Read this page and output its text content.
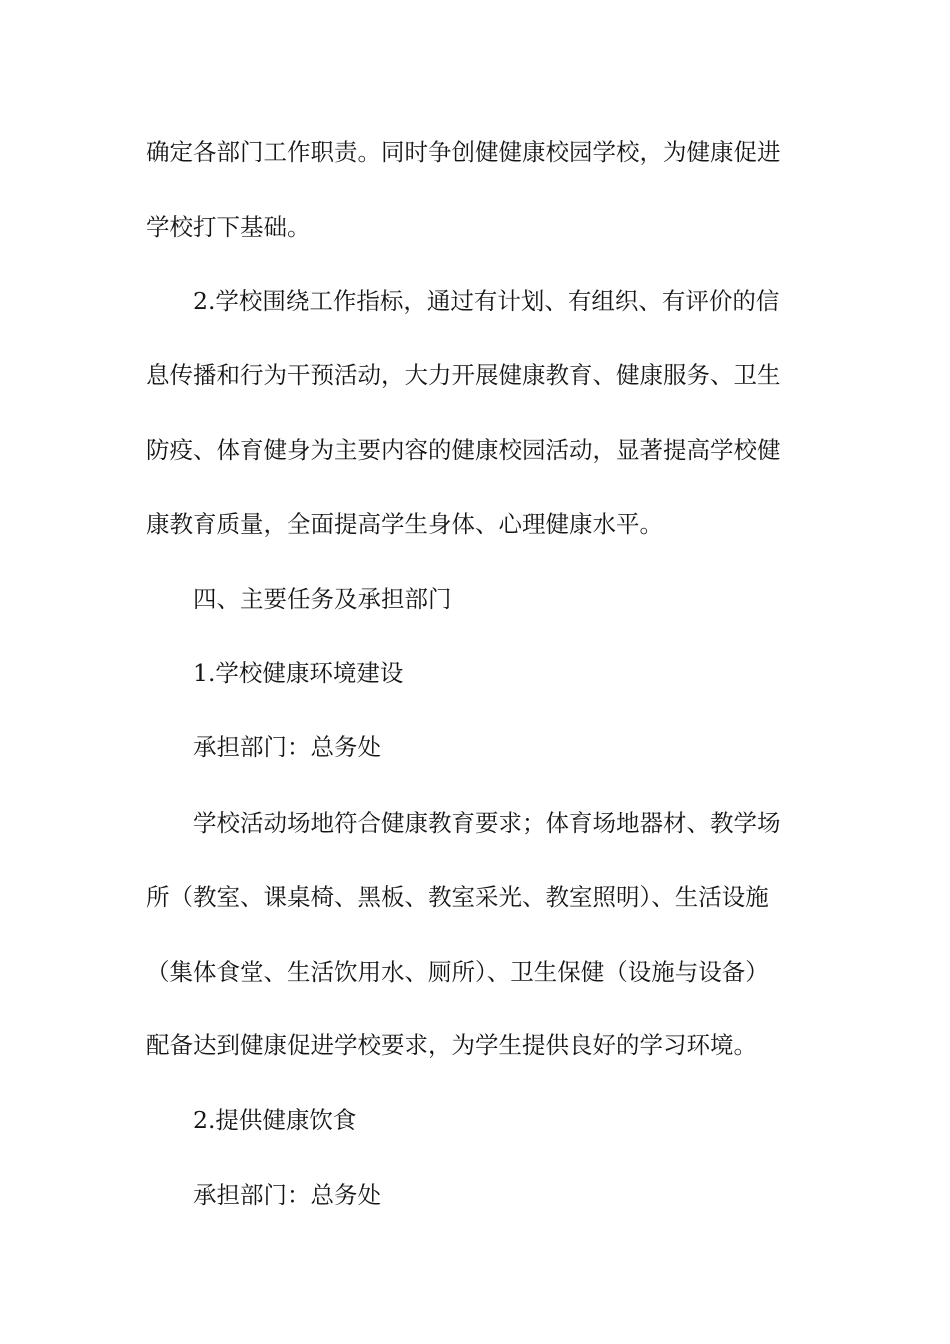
确定各部门工作职责。同时争创健健康校园学校，为健康促进
学校打下基础。
2.学校围绕工作指标，通过有计划、有组织、有评价的信
息传播和行为干预活动，大力开展健康教育、健康服务、卫生
防疫、体育健身为主要内容的健康校园活动，显著提高学校健
康教育质量，全面提高学生身体、心理健康水平。
四、主要任务及承担部门
1.学校健康环境建设
承担部门：总务处
学校活动场地符合健康教育要求；体育场地器材、教学场
所（教室、课桌椅、黑板、教室采光、教室照明）、生活设施
（集体食堂、生活饮用水、厕所）、卫生保健（设施与设备）
配备达到健康促进学校要求，为学生提供良好的学习环境。
2.提供健康饮食
承担部门：总务处
